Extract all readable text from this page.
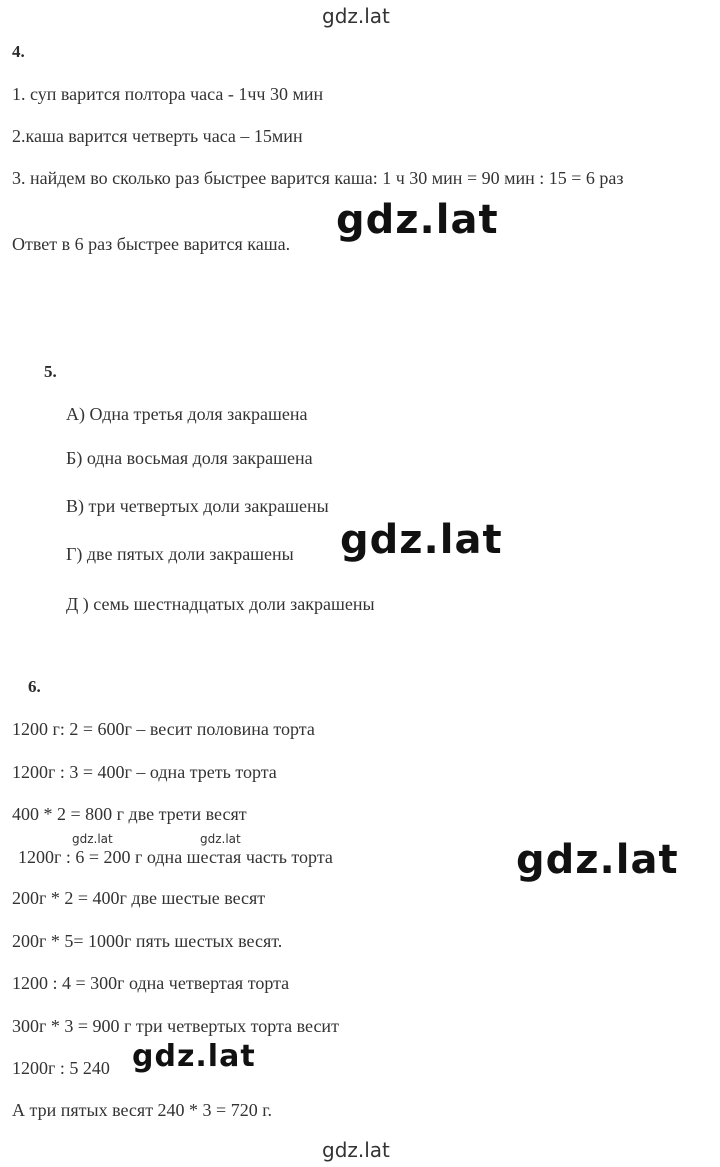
gdz.lat
gdz.lat
gdz.lat
gdz.lat	gdz.lat	gdz.lat
gdz.lat
gdz.lat
4.
1. суп варится полтора часа - 1чч 30 мин
2.каша варится четверть часа – 15мин
3. найдем во сколько раз быстрее варится каша: 1 ч 30 мин = 90 мин : 15 = 6 раз
Ответ в 6 раз быстрее варится каша.
5.
А) Одна третья доля закрашена
Б) одна восьмая доля закрашена
В) три четвертых доли закрашены
Г) две пятых доли закрашены
Д ) семь шестнадцатых доли закрашены
6.
1200 г: 2 = 600г – весит половина торта
1200г : 3 = 400г – одна треть торта
400 * 2 = 800 г две трети весят
1200г : 6 = 200 г одна шестая часть торта
200г * 2 = 400г две шестые весят
200г * 5= 1000г пять шестых весят.
1200 : 4 = 300г одна четвертая торта
300г * 3 = 900 г три четвертых торта весит
1200г : 5 240
А три пятых весят 240 * 3 = 720 г.
